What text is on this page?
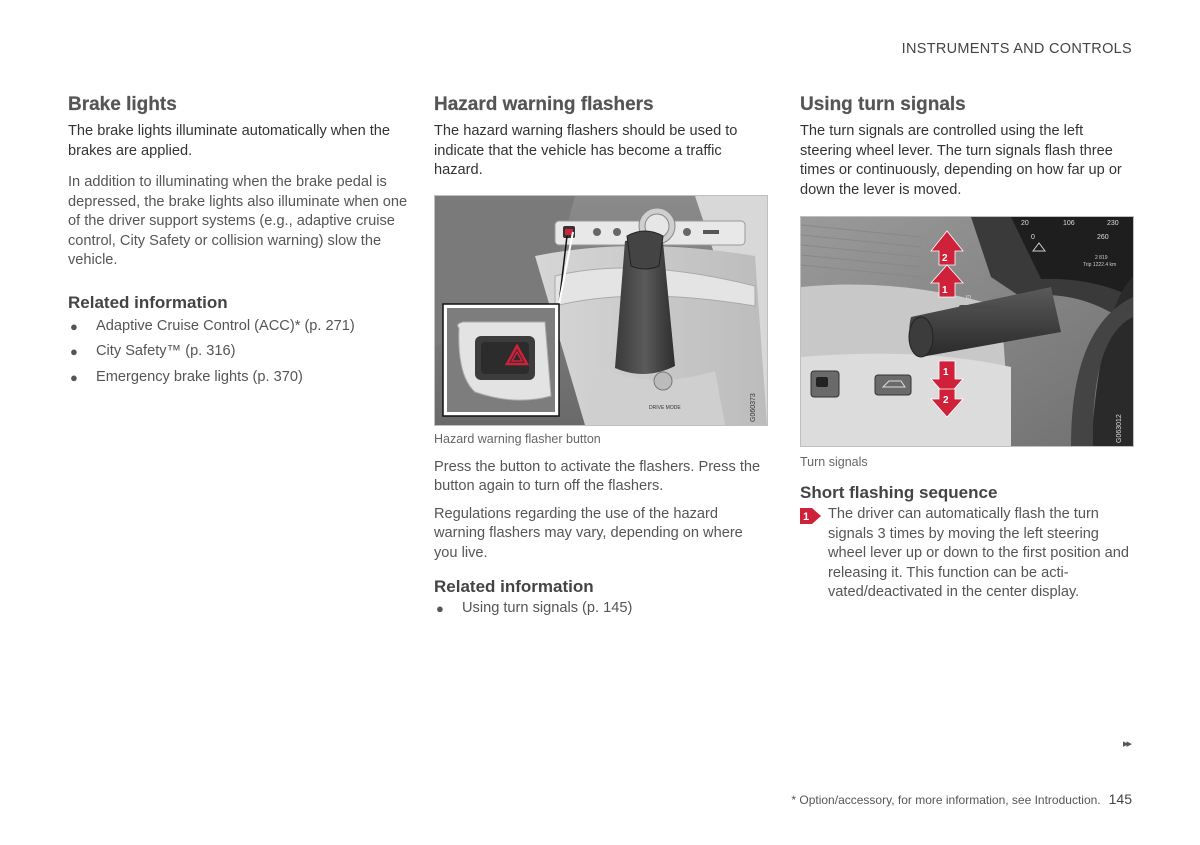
INSTRUMENTS AND CONTROLS
Brake lights

The brake lights illuminate automatically when the brakes are applied.

In addition to illuminating when the brake pedal is depressed, the brake lights also illuminate when one of the driver support systems (e.g., adaptive cruise control, City Safety or collision warning) slow the vehicle.

Related information
● Adaptive Cruise Control (ACC)* (p. 271)
● City Safety™ (p. 316)
● Emergency brake lights (p. 370)
Hazard warning flashers

The hazard warning flashers should be used to indicate that the vehicle has become a traffic hazard.

DRIVE MODE	G060373
Hazard warning flasher button

Press the button to activate the flashers. Press the button again to turn off the flashers.

Regulations regarding the use of the hazard warning flashers may vary, depending on where you live.

Related information
● Using turn signals (p. 145)
Using turn signals

The turn signals are controlled using the left steering wheel lever. The turn signals flash three times or continuously, depending on how far up or down the lever is moved.

20	106	230
0	260
2 819
Trip 1222.4 km
ID
2
1
1
2
G063012
Turn signals
Short flashing sequence
1 The driver can automatically flash the turn signals 3 times by moving the left steering wheel lever up or down to the first position and releasing it. This function can be acti-vated/deactivated in the center display.

▸▸
* Option/accessory, for more information, see Introduction. 145
